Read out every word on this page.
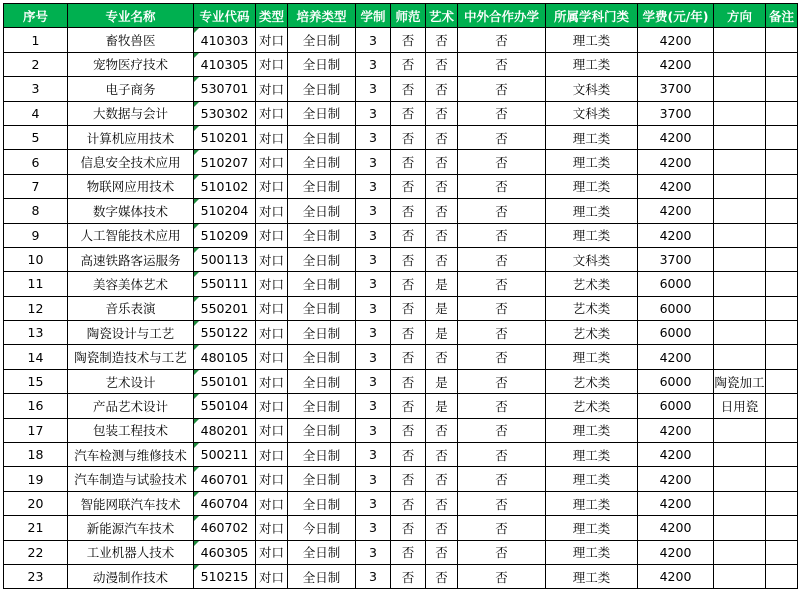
序号	专业名称	专业代码	类型	培养类型	学制	师范	艺术	中外合作办学	所属学科门类	学费(元/年)	方向	备注
1	畜牧兽医	410303	对口	全日制	3	否	否	否	理工类	4200		
2	宠物医疗技术	410305	对口	全日制	3	否	否	否	理工类	4200		
3	电子商务	530701	对口	全日制	3	否	否	否	文科类	3700		
4	大数据与会计	530302	对口	全日制	3	否	否	否	文科类	3700		
5	计算机应用技术	510201	对口	全日制	3	否	否	否	理工类	4200		
6	信息安全技术应用	510207	对口	全日制	3	否	否	否	理工类	4200		
7	物联网应用技术	510102	对口	全日制	3	否	否	否	理工类	4200		
8	数字媒体技术	510204	对口	全日制	3	否	否	否	理工类	4200		
9	人工智能技术应用	510209	对口	全日制	3	否	否	否	理工类	4200		
10	高速铁路客运服务	500113	对口	全日制	3	否	否	否	文科类	3700		
11	美容美体艺术	550111	对口	全日制	3	否	是	否	艺术类	6000		
12	音乐表演	550201	对口	全日制	3	否	是	否	艺术类	6000		
13	陶瓷设计与工艺	550122	对口	全日制	3	否	是	否	艺术类	6000		
14	陶瓷制造技术与工艺	480105	对口	全日制	3	否	否	否	理工类	4200		
15	艺术设计	550101	对口	全日制	3	否	是	否	艺术类	6000	陶瓷加工	
16	产品艺术设计	550104	对口	全日制	3	否	是	否	艺术类	6000	日用瓷	
17	包装工程技术	480201	对口	全日制	3	否	否	否	理工类	4200		
18	汽车检测与维修技术	500211	对口	全日制	3	否	否	否	理工类	4200		
19	汽车制造与试验技术	460701	对口	全日制	3	否	否	否	理工类	4200		
20	智能网联汽车技术	460704	对口	全日制	3	否	否	否	理工类	4200		
21	新能源汽车技术	460702	对口	今日制	3	否	否	否	理工类	4200		
22	工业机器人技术	460305	对口	全日制	3	否	否	否	理工类	4200		
23	动漫制作技术	510215	对口	全日制	3	否	否	否	理工类	4200		
